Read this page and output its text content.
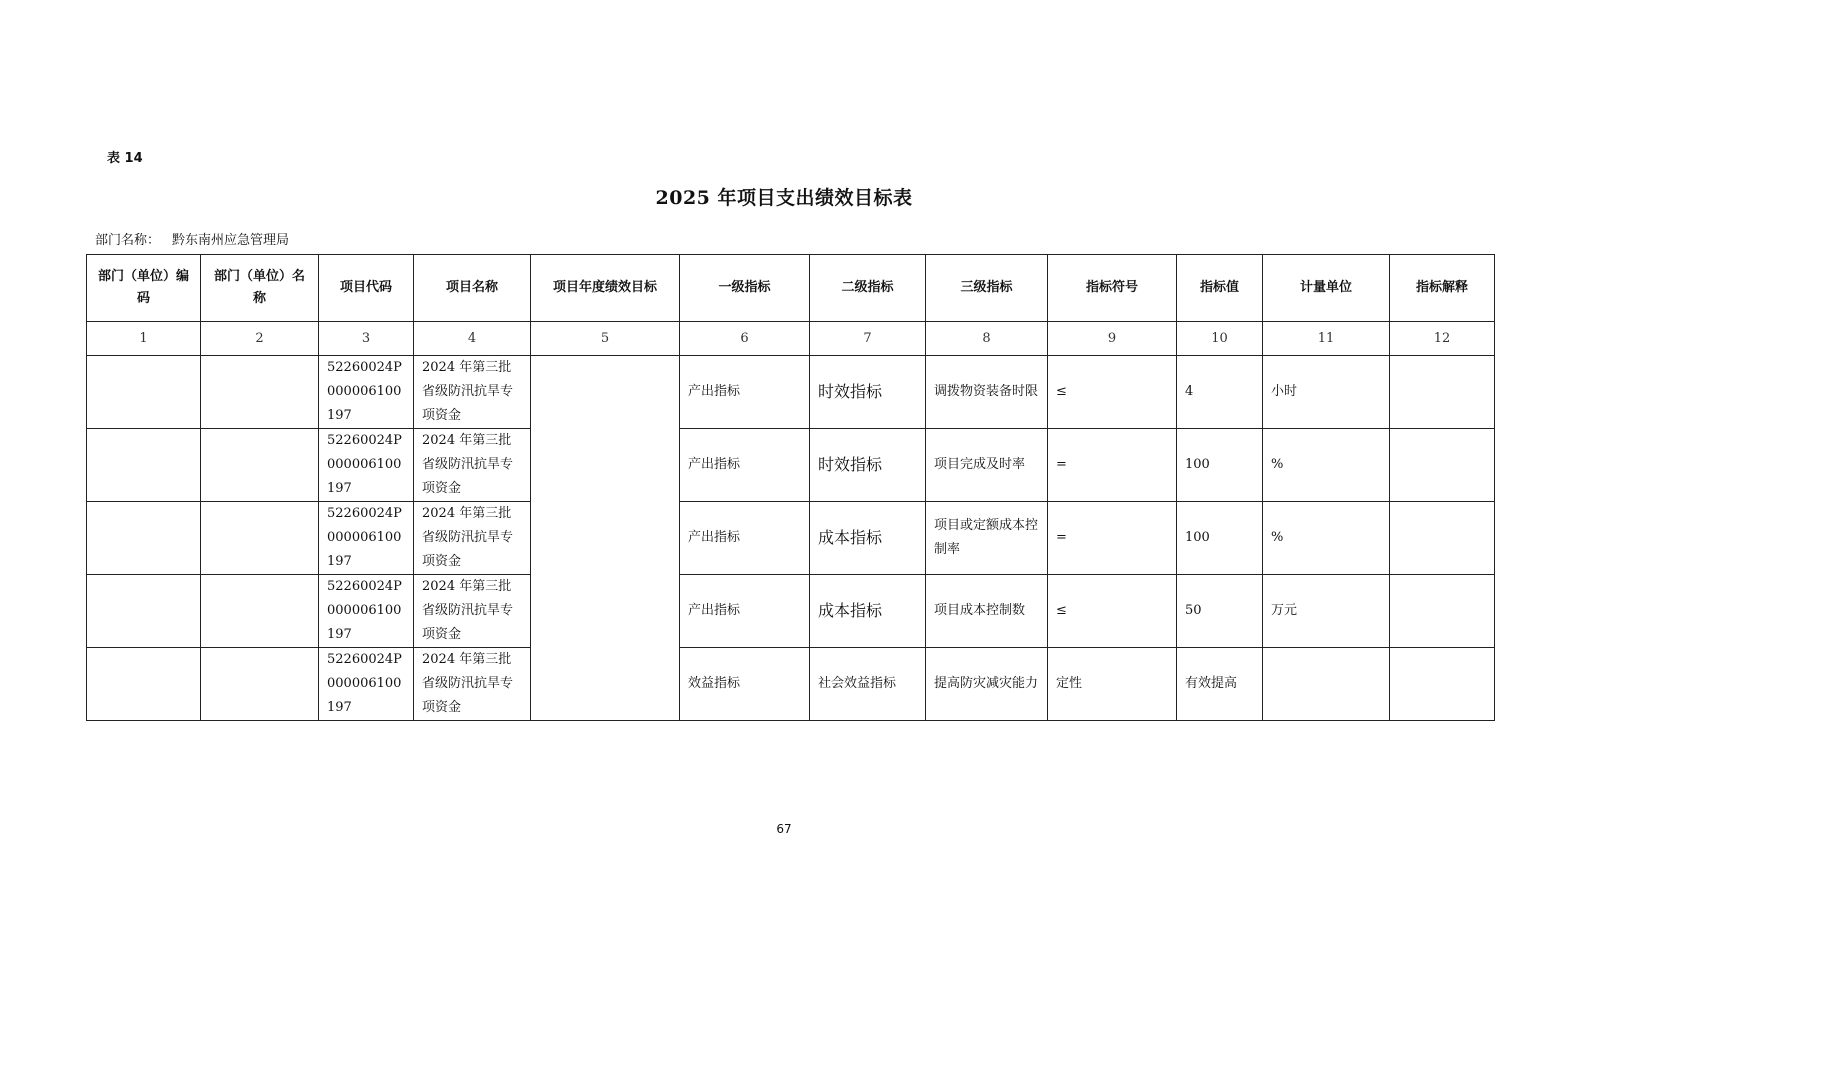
表 14
2025 年项目支出绩效目标表
部门名称： 黔东南州应急管理局
部门（单位）编码	部门（单位）名称	项目代码	项目名称	项目年度绩效目标	一级指标	二级指标	三级指标	指标符号	指标值	计量单位	指标解释
1	2	3	4	5	6	7	8	9	10	11	12
		52260024P000006100197	2024 年第三批省级防汛抗旱专项资金		产出指标	时效指标	调拨物资装备时限	≤	4	小时	
		52260024P000006100197	2024 年第三批省级防汛抗旱专项资金		产出指标	时效指标	项目完成及时率	=	100	%	
		52260024P000006100197	2024 年第三批省级防汛抗旱专项资金		产出指标	成本指标	项目或定额成本控制率	=	100	%	
		52260024P000006100197	2024 年第三批省级防汛抗旱专项资金		产出指标	成本指标	项目成本控制数	≤	50	万元	
		52260024P000006100197	2024 年第三批省级防汛抗旱专项资金		效益指标	社会效益指标	提高防灾减灾能力	定性	有效提高		
67
